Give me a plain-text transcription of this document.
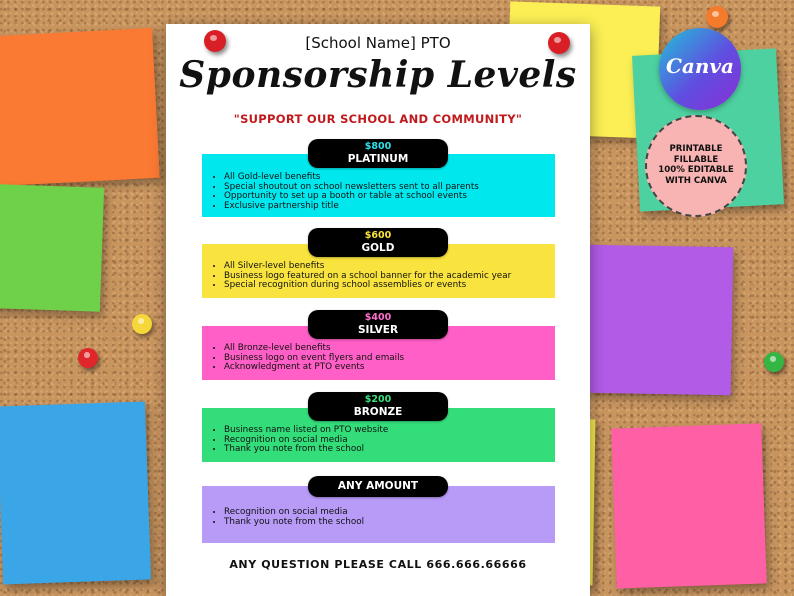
[School Name] PTO
Sponsorship Levels
"SUPPORT OUR SCHOOL AND COMMUNITY"
• All Gold-level benefits
• Special shoutout on school newsletters sent to all parents
• Opportunity to set up a booth or table at school events
• Exclusive partnership title
$800
PLATINUM
• All Silver-level benefits
• Business logo featured on a school banner for the academic year
• Special recognition during school assemblies or events
$600
GOLD
• All Bronze-level benefits
• Business logo on event flyers and emails
• Acknowledgment at PTO events
$400
SILVER
• Business name listed on PTO website
• Recognition on social media
• Thank you note from the school
$200
BRONZE
• Recognition on social media
• Thank you note from the school
ANY AMOUNT
ANY QUESTION PLEASE CALL 666.666.66666
Canva
PRINTABLE
FILLABLE
100% EDITABLE
WITH CANVA
